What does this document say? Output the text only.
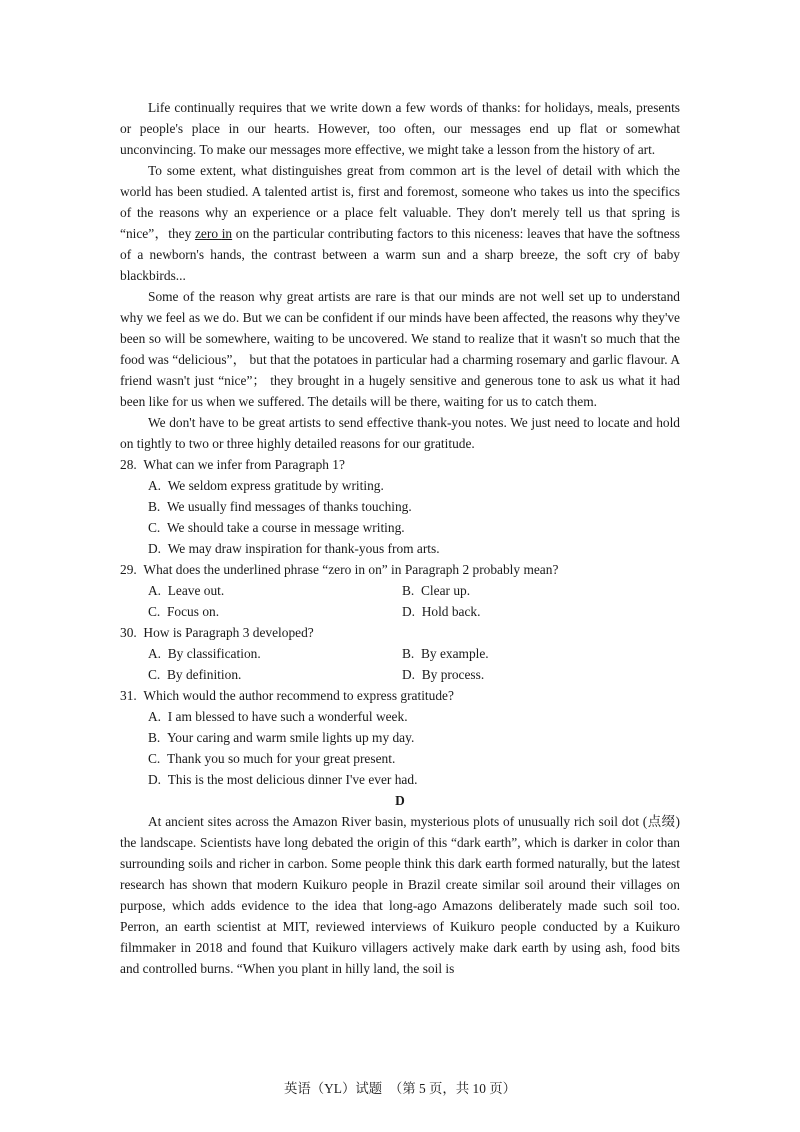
Life continually requires that we write down a few words of thanks: for holidays, meals, presents or people's place in our hearts. However, too often, our messages end up flat or somewhat unconvincing. To make our messages more effective, we might take a lesson from the history of art.

To some extent, what distinguishes great from common art is the level of detail with which the world has been studied. A talented artist is, first and foremost, someone who takes us into the specifics of the reasons why an experience or a place felt valuable. They don't merely tell us that spring is “nice”，they zero in on the particular contributing factors to this niceness: leaves that have the softness of a newborn's hands, the contrast between a warm sun and a sharp breeze, the soft cry of baby blackbirds...

Some of the reason why great artists are rare is that our minds are not well set up to understand why we feel as we do. But we can be confident if our minds have been affected, the reasons why they've been so will be somewhere, waiting to be uncovered. We stand to realize that it wasn't so much that the food was “delicious”， but that the potatoes in particular had a charming rosemary and garlic flavour. A friend wasn't just “nice”； they brought in a hugely sensitive and generous tone to ask us what it had been like for us when we suffered. The details will be there, waiting for us to catch them.

We don't have to be great artists to send effective thank-you notes. We just need to locate and hold on tightly to two or three highly detailed reasons for our gratitude.

28.  What can we infer from Paragraph 1?

A.  We seldom express gratitude by writing.

B.  We usually find messages of thanks touching.

C.  We should take a course in message writing.

D.  We may draw inspiration for thank-yous from arts.

29.  What does the underlined phrase “zero in on” in Paragraph 2 probably mean?

A.  Leave out.	B.  Clear up.
C.  Focus on.	D.  Hold back.

30.  How is Paragraph 3 developed?

A.  By classification.	B.  By example.
C.  By definition.	D.  By process.

31.  Which would the author recommend to express gratitude?

A.  I am blessed to have such a wonderful week.

B.  Your caring and warm smile lights up my day.

C.  Thank you so much for your great present.

D.  This is the most delicious dinner I've ever had.

D

At ancient sites across the Amazon River basin, mysterious plots of unusually rich soil dot (点缀) the landscape. Scientists have long debated the origin of this “dark earth”, which is darker in color than surrounding soils and richer in carbon. Some people think this dark earth formed naturally, but the latest research has shown that modern Kuikuro people in Brazil create similar soil around their villages on purpose, which adds evidence to the idea that long-ago Amazons deliberately made such soil too. Perron, an earth scientist at MIT, reviewed interviews of Kuikuro people conducted by a Kuikuro filmmaker in 2018 and found that Kuikuro villagers actively make dark earth by using ash, food bits and controlled burns. “When you plant in hilly land, the soil is

英语（YL）试题　（第 5 页，共 10 页）
